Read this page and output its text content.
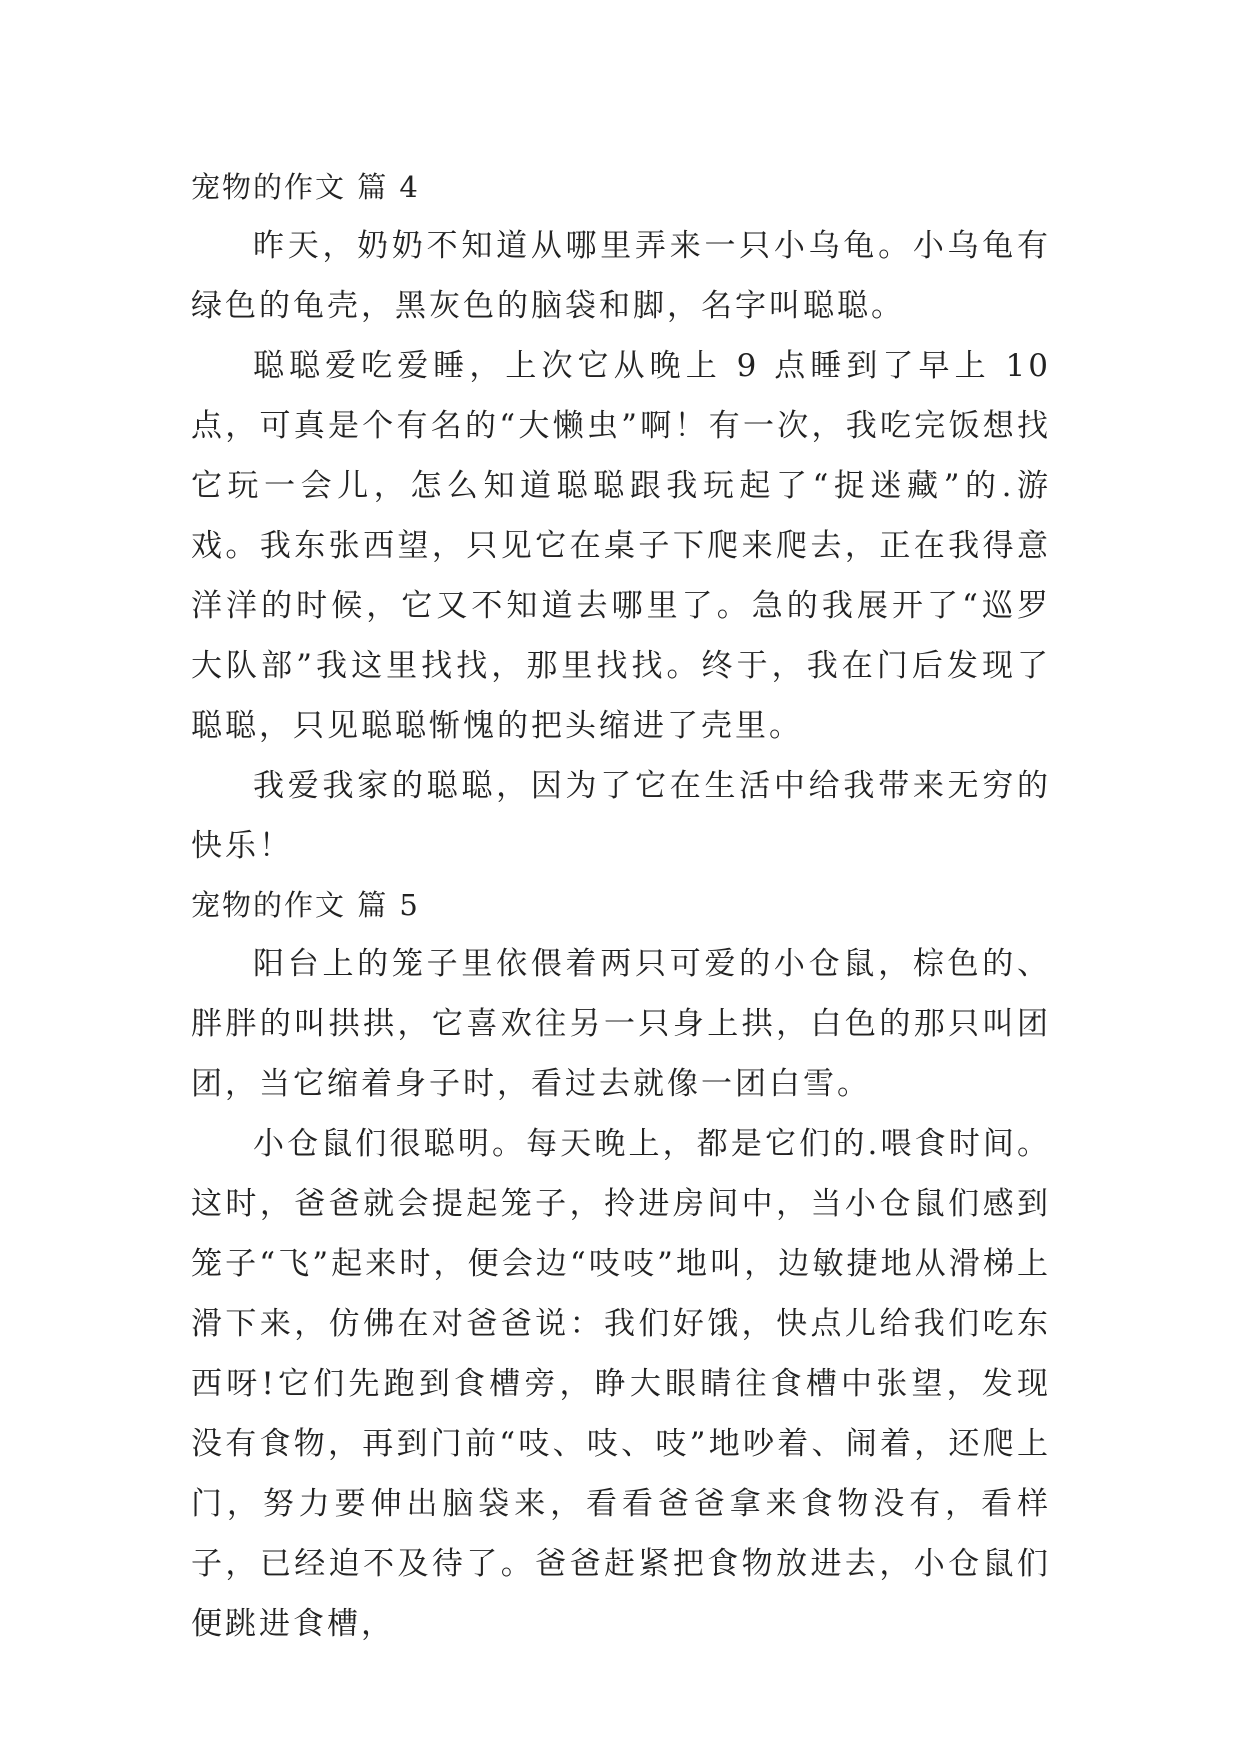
宠物的作文 篇 4

昨天，奶奶不知道从哪里弄来一只小乌龟。小乌龟有绿色的龟壳，黑灰色的脑袋和脚，名字叫聪聪。

聪聪爱吃爱睡，上次它从晚上 9 点睡到了早上 10 点，可真是个有名的“大懒虫”啊！有一次，我吃完饭想找它玩一会儿，怎么知道聪聪跟我玩起了“捉迷藏”的.游戏。我东张西望，只见它在桌子下爬来爬去，正在我得意洋洋的时候，它又不知道去哪里了。急的我展开了“巡罗大队部”我这里找找，那里找找。终于，我在门后发现了聪聪，只见聪聪惭愧的把头缩进了壳里。

我爱我家的聪聪，因为了它在生活中给我带来无穷的快乐！

宠物的作文 篇 5

阳台上的笼子里依偎着两只可爱的小仓鼠，棕色的、胖胖的叫拱拱，它喜欢往另一只身上拱，白色的那只叫团团，当它缩着身子时，看过去就像一团白雪。

小仓鼠们很聪明。每天晚上，都是它们的.喂食时间。这时，爸爸就会提起笼子，拎进房间中，当小仓鼠们感到笼子“飞”起来时，便会边“吱吱”地叫，边敏捷地从滑梯上滑下来，仿佛在对爸爸说：我们好饿，快点儿给我们吃东西呀!它们先跑到食槽旁，睁大眼睛往食槽中张望，发现没有食物，再到门前“吱、吱、吱”地吵着、闹着，还爬上门，努力要伸出脑袋来，看看爸爸拿来食物没有，看样子，已经迫不及待了。爸爸赶紧把食物放进去，小仓鼠们便跳进食槽，
